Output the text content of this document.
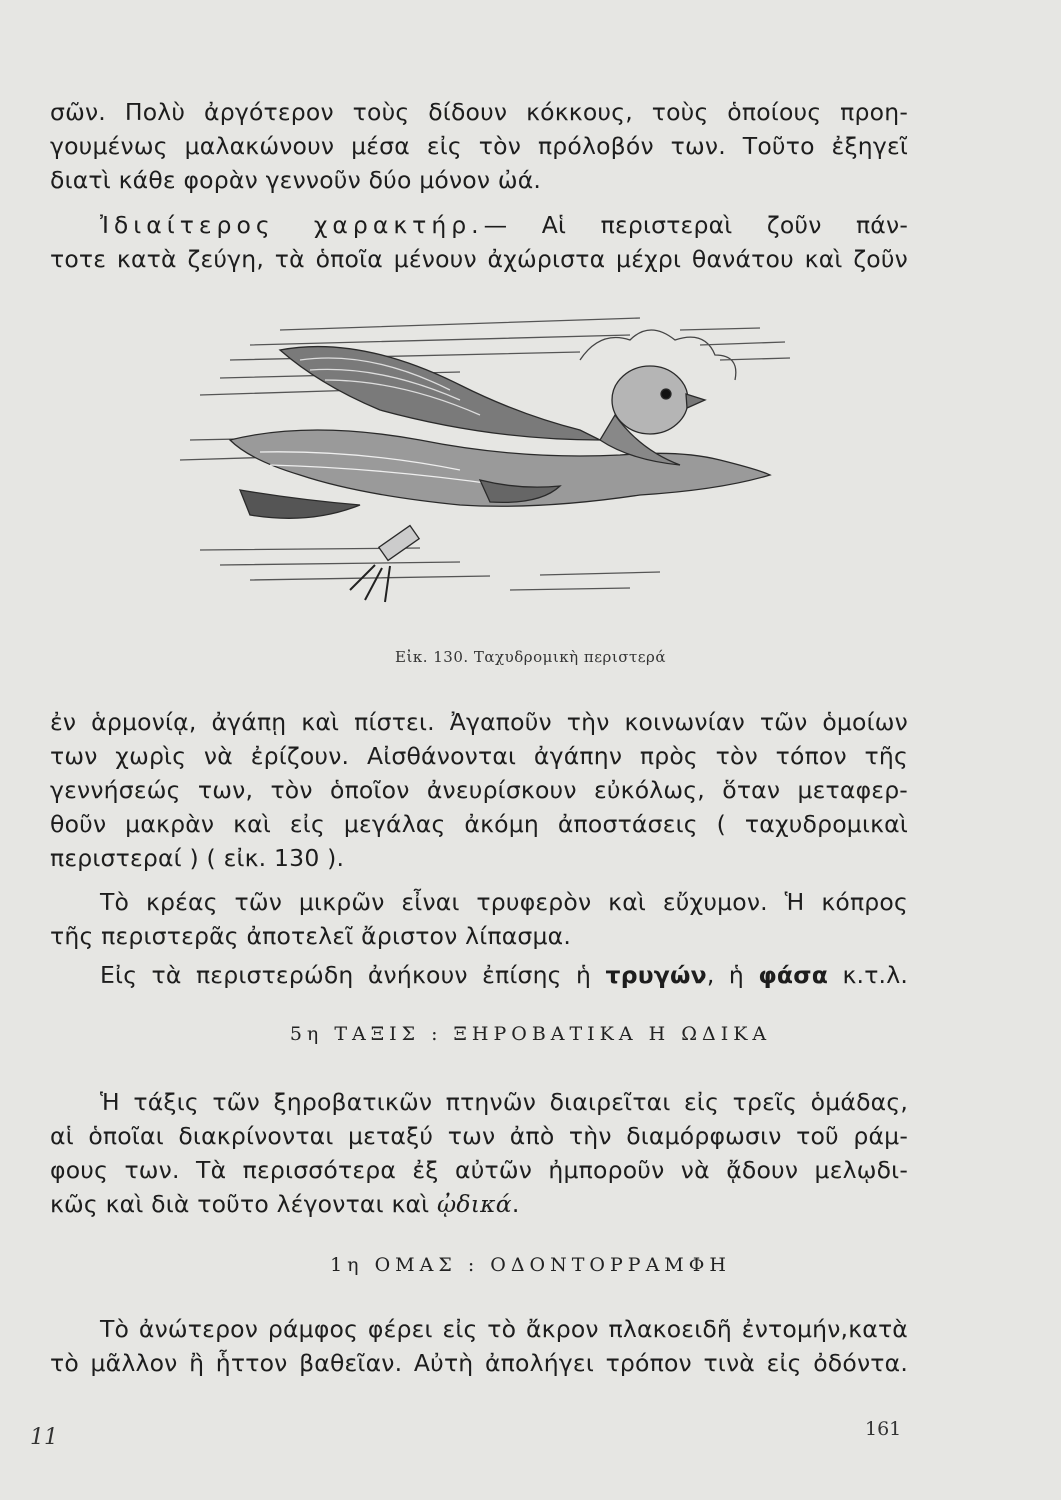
σῶν. Πολὺ ἀργότερον τοὺς δίδουν κόκκους, τοὺς ὁποίους προη-
γουμένως μαλακώνουν μέσα εἰς τὸν πρόλοβόν των. Τοῦτο ἐξηγεῖ
διατὶ κάθε φορὰν γεννοῦν δύο μόνον ὠά.
Ἰδιαίτερος χαρακτήρ.— Αἱ περιστεραὶ ζοῦν πάν-
τοτε κατὰ ζεύγη, τὰ ὁποῖα μένουν ἀχώριστα μέχρι θανάτου καὶ ζοῦν
Εἰκ. 130. Ταχυδρομικὴ περιστερά
ἐν ἁρμονίᾳ, ἀγάπῃ καὶ πίστει. Ἀγαποῦν τὴν κοινωνίαν τῶν ὁμοίων
των χωρὶς νὰ ἐρίζουν. Αἰσθάνονται ἀγάπην πρὸς τὸν τόπον τῆς
γεννήσεώς των, τὸν ὁποῖον ἀνευρίσκουν εὐκόλως, ὅταν μεταφερ-
θοῦν μακρὰν καὶ εἰς μεγάλας ἀκόμη ἀποστάσεις ( ταχυδρομικαὶ
περιστεραί ) ( εἰκ. 130 ).
Τὸ κρέας τῶν μικρῶν εἶναι τρυφερὸν καὶ εὔχυμον. Ἡ κόπρος
τῆς περιστερᾶς ἀποτελεῖ ἄριστον λίπασμα.
Εἰς τὰ περιστερώδη ἀνήκουν ἐπίσης ἡ τρυγών, ἡ φάσα κ.τ.λ.
5η ΤΑΞΙΣ : ΞΗΡΟΒΑΤΙΚΑ Η ΩΔΙΚΑ
Ἡ τάξις τῶν ξηροβατικῶν πτηνῶν διαιρεῖται εἰς τρεῖς ὁμάδας,
αἱ ὁποῖαι διακρίνονται μεταξύ των ἀπὸ τὴν διαμόρφωσιν τοῦ ράμ-
φους των. Τὰ περισσότερα ἐξ αὐτῶν ἠμποροῦν νὰ ᾄδουν μελῳδι-
κῶς καὶ διὰ τοῦτο λέγονται καὶ ᾠδικά.
1η ΟΜΑΣ : ΟΔΟΝΤΟΡΡΑΜΦΗ
Τὸ ἀνώτερον ράμφος φέρει εἰς τὸ ἄκρον πλακοειδῆ ἐντομήν,κατὰ
τὸ μᾶλλον ἢ ἧττον βαθεῖαν. Αὐτὴ ἀπολήγει τρόπον τινὰ εἰς ὀδόντα.
11	161
